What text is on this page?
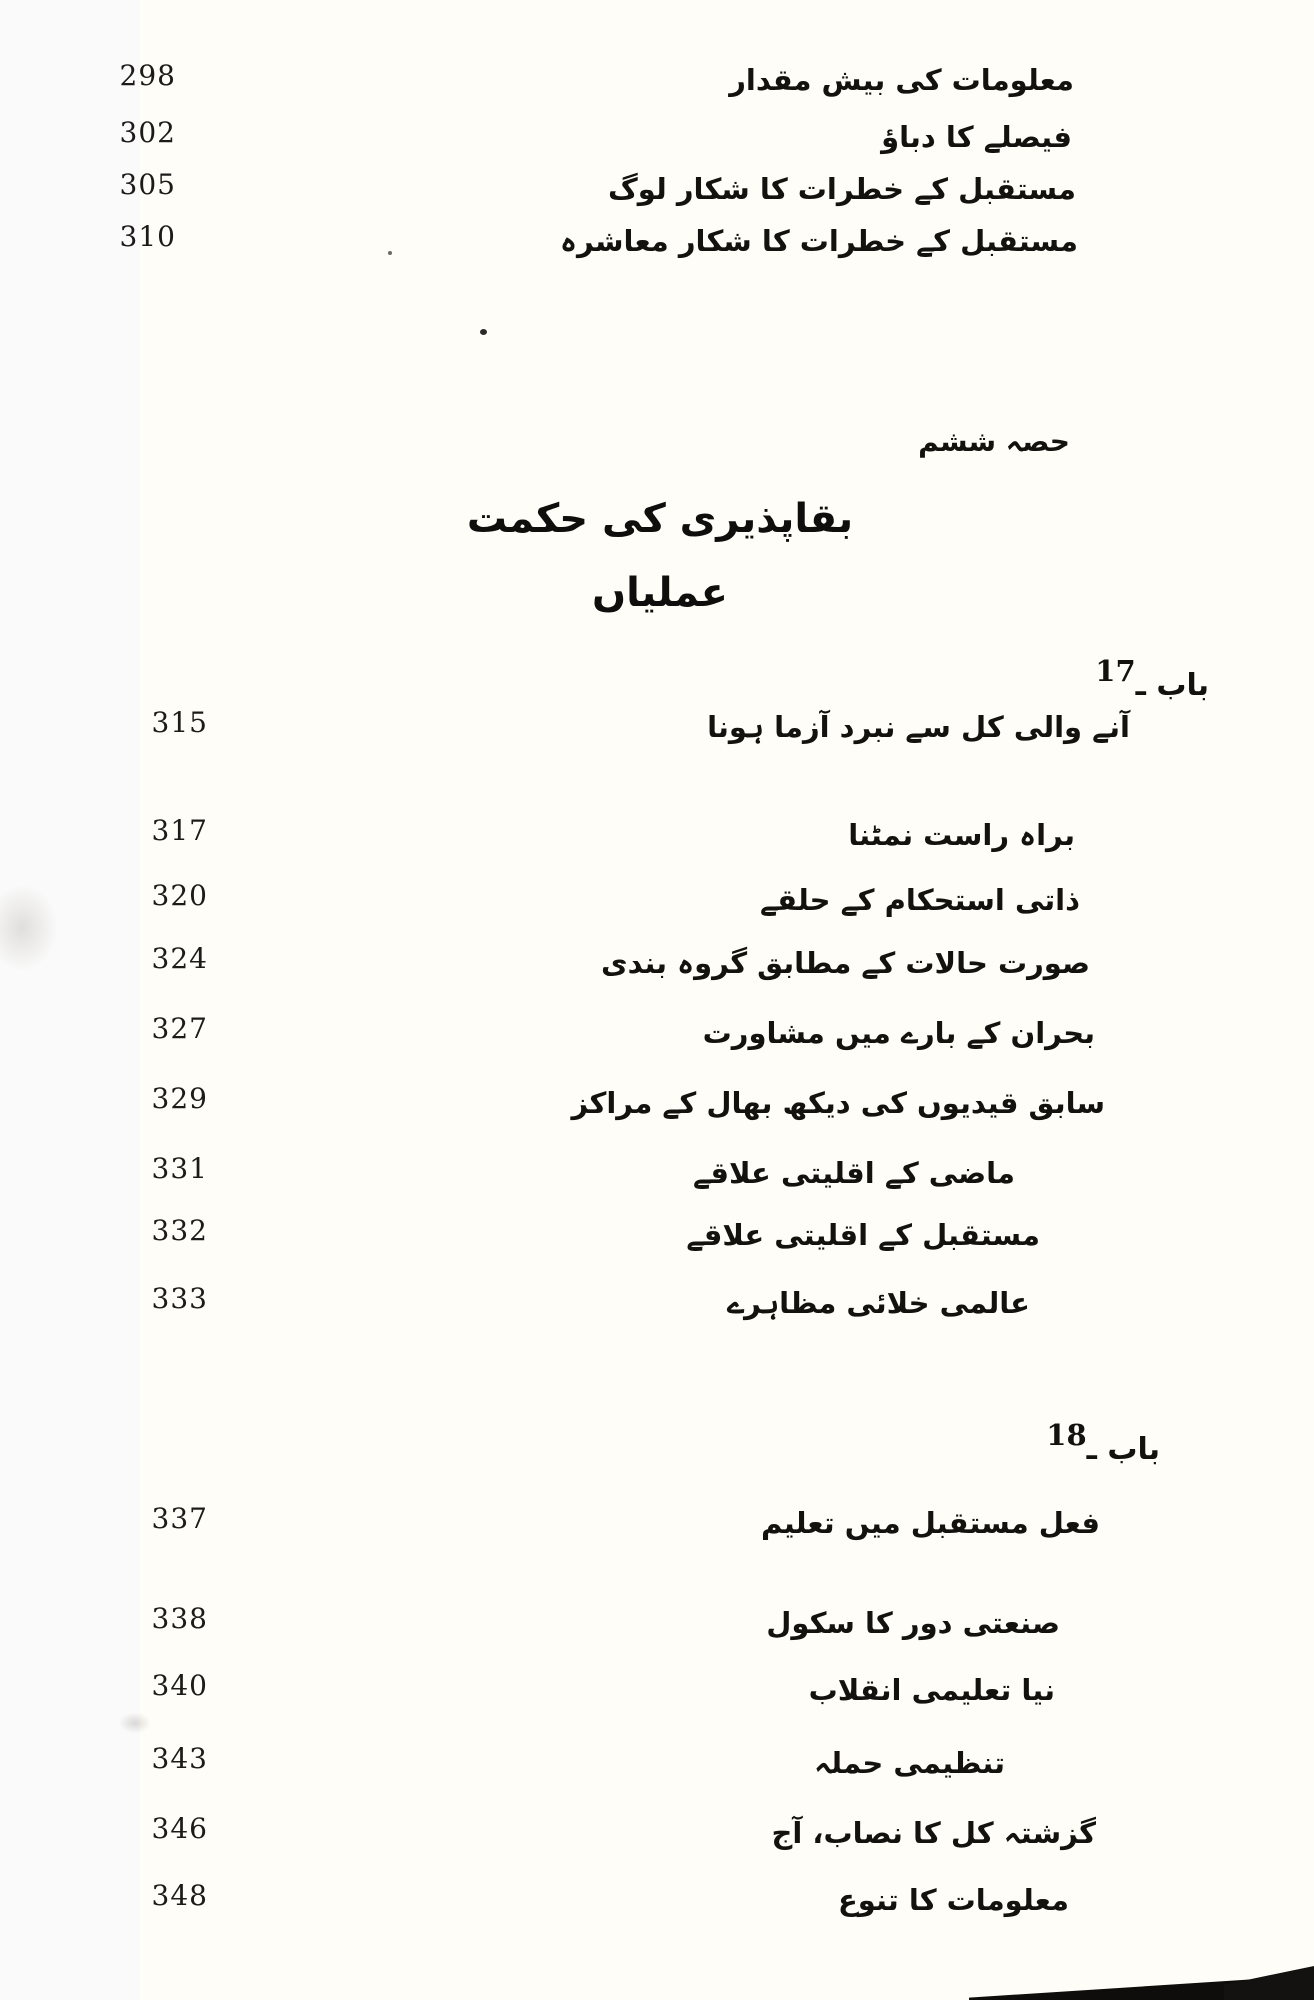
298	معلومات کی بیش مقدار
302	فیصلے کا دباؤ
305	مستقبل کے خطرات کا شکار لوگ
310	مستقبل کے خطرات کا شکار معاشرہ
حصہ ششم
بقاپذیری کی حکمت عملیاں
باب ـ17
315	آنے والی کل سے نبرد آزما ہونا
317	براہ راست نمٹنا
320	ذاتی استحکام کے حلقے
324	صورت حالات کے مطابق گروہ بندی
327	بحران کے بارے میں مشاورت
329	سابق قیدیوں کی دیکھ بھال کے مراکز
331	ماضی کے اقلیتی علاقے
332	مستقبل کے اقلیتی علاقے
333	عالمی خلائی مظاہرے
باب ـ18
337	فعل مستقبل میں تعلیم
338	صنعتی دور کا سکول
340	نیا تعلیمی انقلاب
343	تنظیمی حملہ
346	گزشتہ کل کا نصاب، آج
348	معلومات کا تنوع
